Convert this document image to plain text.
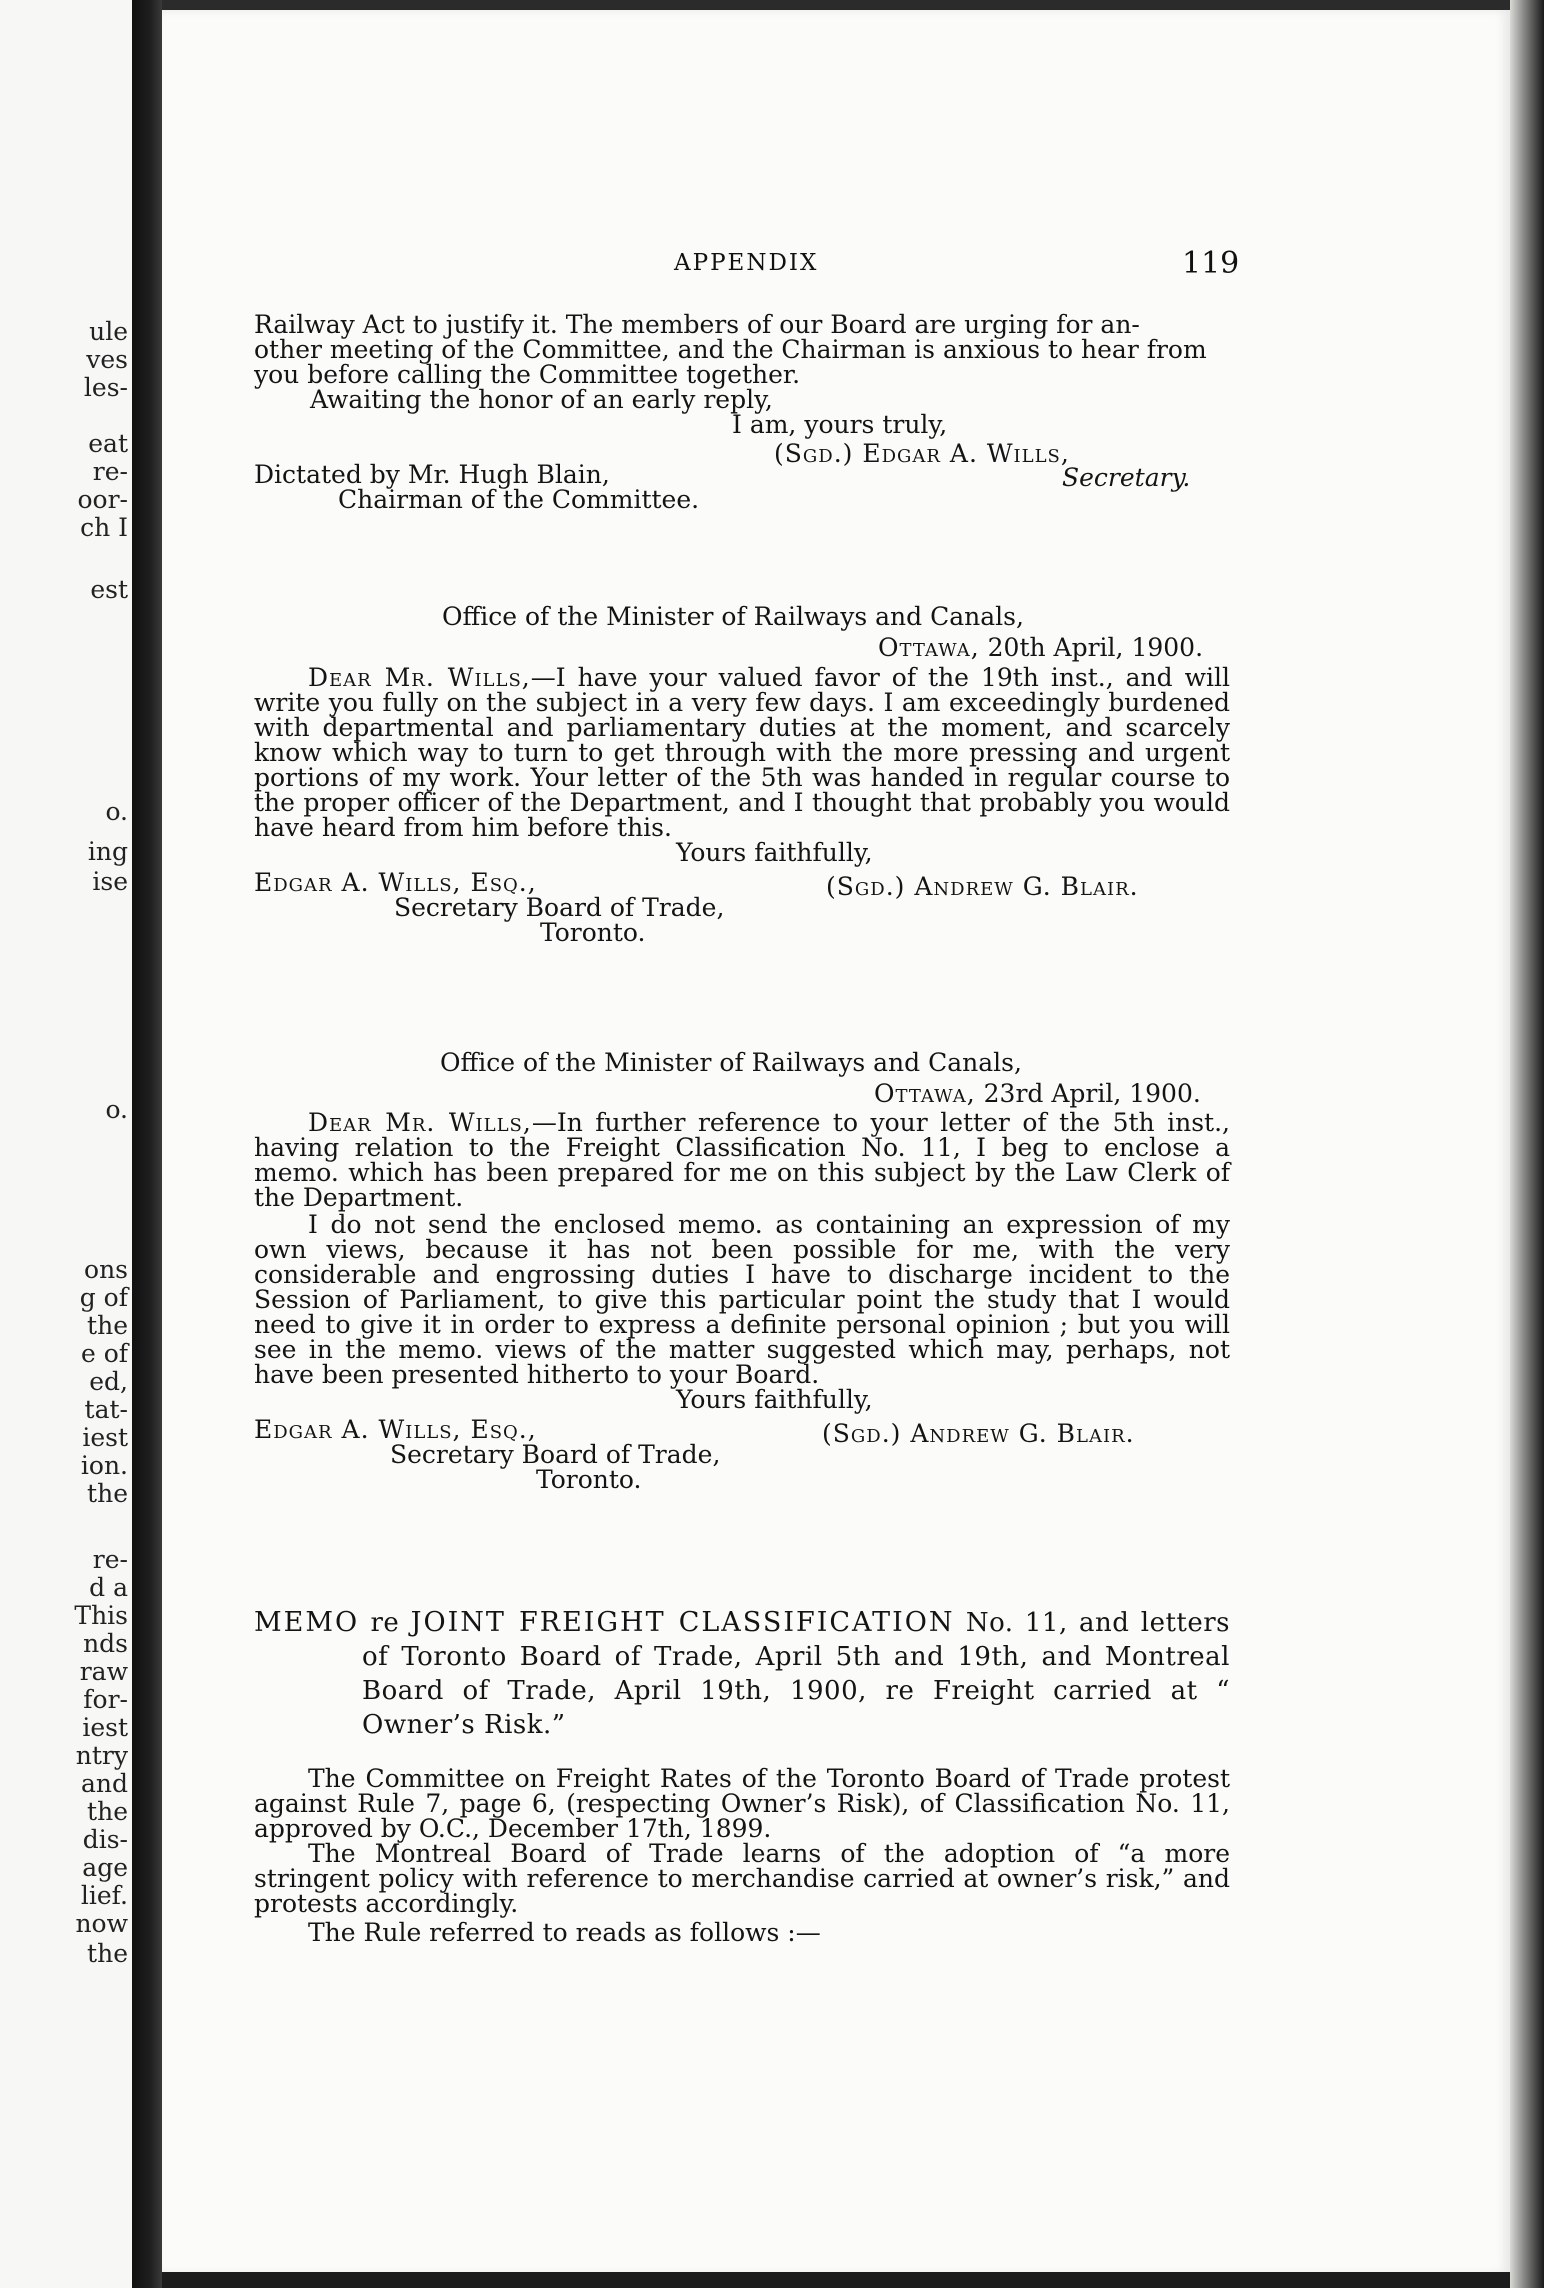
ule
ves
les-
eat
re-
oor-
ch I
est
o.
ing
ise
o.
ons
g of
the
e of
ed,
tat-
iest
ion.
the
re-
d a
This
nds
raw
for-
iest
ntry
and
the
dis-
age
lief.
now
the
APPENDIX	119
Railway Act to justify it. The members of our Board are urging for an-
other meeting of the Committee, and the Chairman is anxious to hear from
you before calling the Committee together.
Awaiting the honor of an early reply,
I am, yours truly,
(Sgd.) Edgar A. Wills,
Dictated by Mr. Hugh Blain,	Secretary.
Chairman of the Committee.
Office of the Minister of Railways and Canals,
Ottawa, 20th April, 1900.

Dear Mr. Wills,—I have your valued favor of the 19th inst., and will write you fully on the subject in a very few days. I am exceedingly burdened with departmental and parliamentary duties at the moment, and scarcely know which way to turn to get through with the more pressing and urgent portions of my work. Your letter of the 5th was handed in regular course to the proper officer of the Department, and I thought that probably you would have heard from him before this.

Yours faithfully,
Edgar A. Wills, Esq.,	(Sgd.) Andrew G. Blair.
Secretary Board of Trade,
Toronto.
Office of the Minister of Railways and Canals,
Ottawa, 23rd April, 1900.

Dear Mr. Wills,—In further reference to your letter of the 5th inst., having relation to the Freight Classification No. 11, I beg to enclose a memo. which has been prepared for me on this subject by the Law Clerk of the Department.

I do not send the enclosed memo. as containing an expression of my own views, because it has not been possible for me, with the very considerable and engrossing duties I have to discharge incident to the Session of Parliament, to give this particular point the study that I would need to give it in order to express a definite personal opinion ; but you will see in the memo. views of the matter suggested which may, perhaps, not have been presented hitherto to your Board.

Yours faithfully,
Edgar A. Wills, Esq.,	(Sgd.) Andrew G. Blair.
Secretary Board of Trade,
Toronto.

MEMO re JOINT FREIGHT CLASSIFICATION No. 11, and letters of Toronto Board of Trade, April 5th and 19th, and Montreal Board of Trade, April 19th, 1900, re Freight carried at “ Owner’s Risk.”

The Committee on Freight Rates of the Toronto Board of Trade protest against Rule 7, page 6, (respecting Owner’s Risk), of Classification No. 11, approved by O.C., December 17th, 1899.

The Montreal Board of Trade learns of the adoption of “a more stringent policy with reference to merchandise carried at owner’s risk,” and protests accordingly.

The Rule referred to reads as follows :—
